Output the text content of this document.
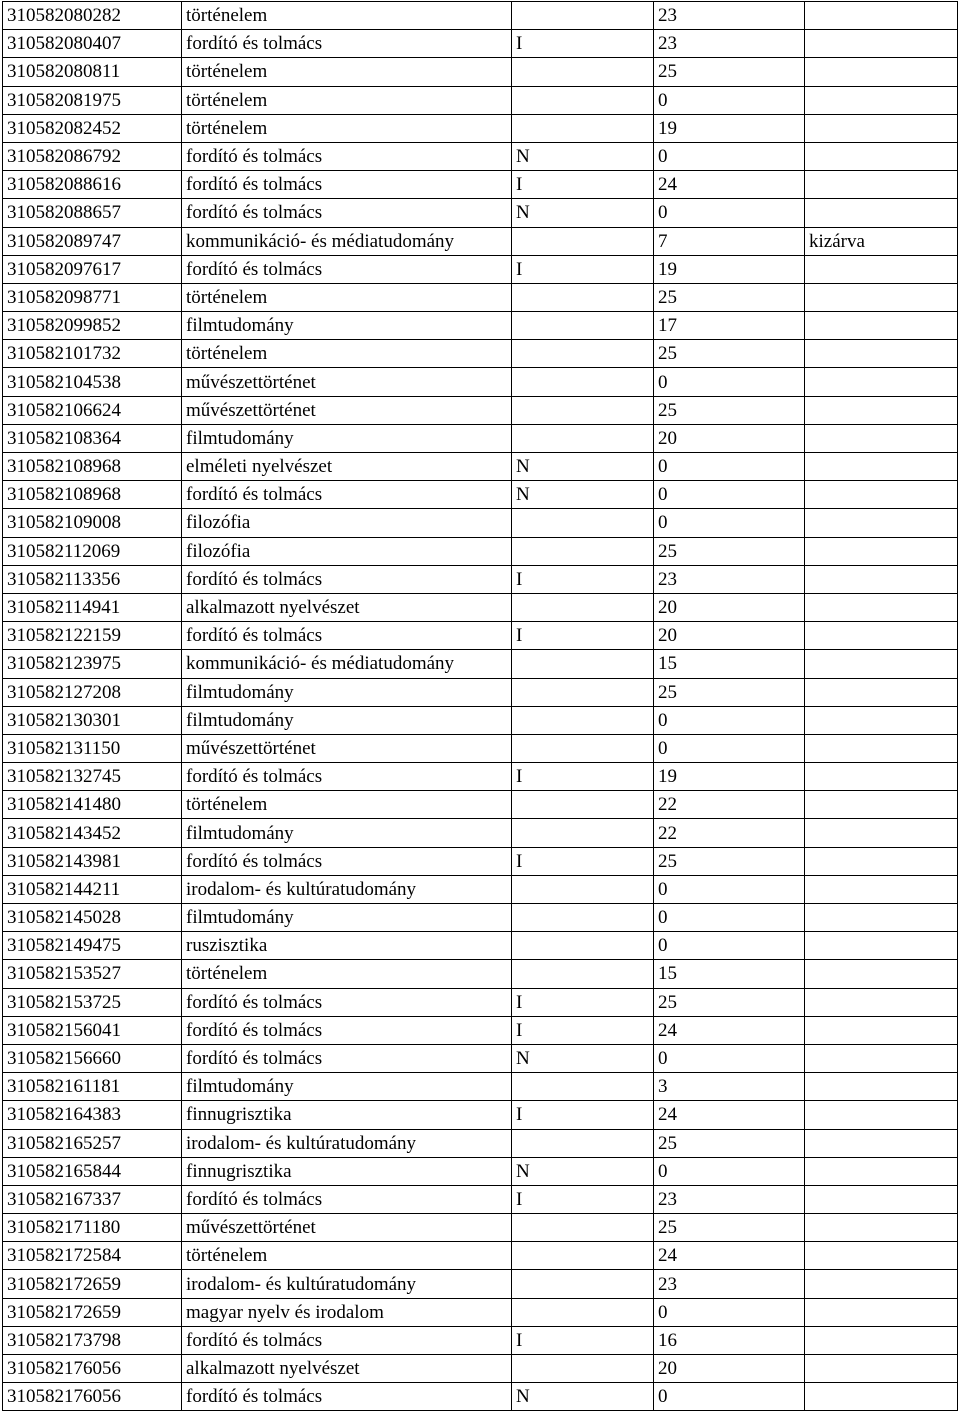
310582080282	történelem		23	
310582080407	fordító és tolmács	I	23	
310582080811	történelem		25	
310582081975	történelem		0	
310582082452	történelem		19	
310582086792	fordító és tolmács	N	0	
310582088616	fordító és tolmács	I	24	
310582088657	fordító és tolmács	N	0	
310582089747	kommunikáció- és médiatudomány		7	kizárva
310582097617	fordító és tolmács	I	19	
310582098771	történelem		25	
310582099852	filmtudomány		17	
310582101732	történelem		25	
310582104538	művészettörténet		0	
310582106624	művészettörténet		25	
310582108364	filmtudomány		20	
310582108968	elméleti nyelvészet	N	0	
310582108968	fordító és tolmács	N	0	
310582109008	filozófia		0	
310582112069	filozófia		25	
310582113356	fordító és tolmács	I	23	
310582114941	alkalmazott nyelvészet		20	
310582122159	fordító és tolmács	I	20	
310582123975	kommunikáció- és médiatudomány		15	
310582127208	filmtudomány		25	
310582130301	filmtudomány		0	
310582131150	művészettörténet		0	
310582132745	fordító és tolmács	I	19	
310582141480	történelem		22	
310582143452	filmtudomány		22	
310582143981	fordító és tolmács	I	25	
310582144211	irodalom- és kultúratudomány		0	
310582145028	filmtudomány		0	
310582149475	ruszisztika		0	
310582153527	történelem		15	
310582153725	fordító és tolmács	I	25	
310582156041	fordító és tolmács	I	24	
310582156660	fordító és tolmács	N	0	
310582161181	filmtudomány		3	
310582164383	finnugrisztika	I	24	
310582165257	irodalom- és kultúratudomány		25	
310582165844	finnugrisztika	N	0	
310582167337	fordító és tolmács	I	23	
310582171180	művészettörténet		25	
310582172584	történelem		24	
310582172659	irodalom- és kultúratudomány		23	
310582172659	magyar nyelv és irodalom		0	
310582173798	fordító és tolmács	I	16	
310582176056	alkalmazott nyelvészet		20	
310582176056	fordító és tolmács	N	0	
